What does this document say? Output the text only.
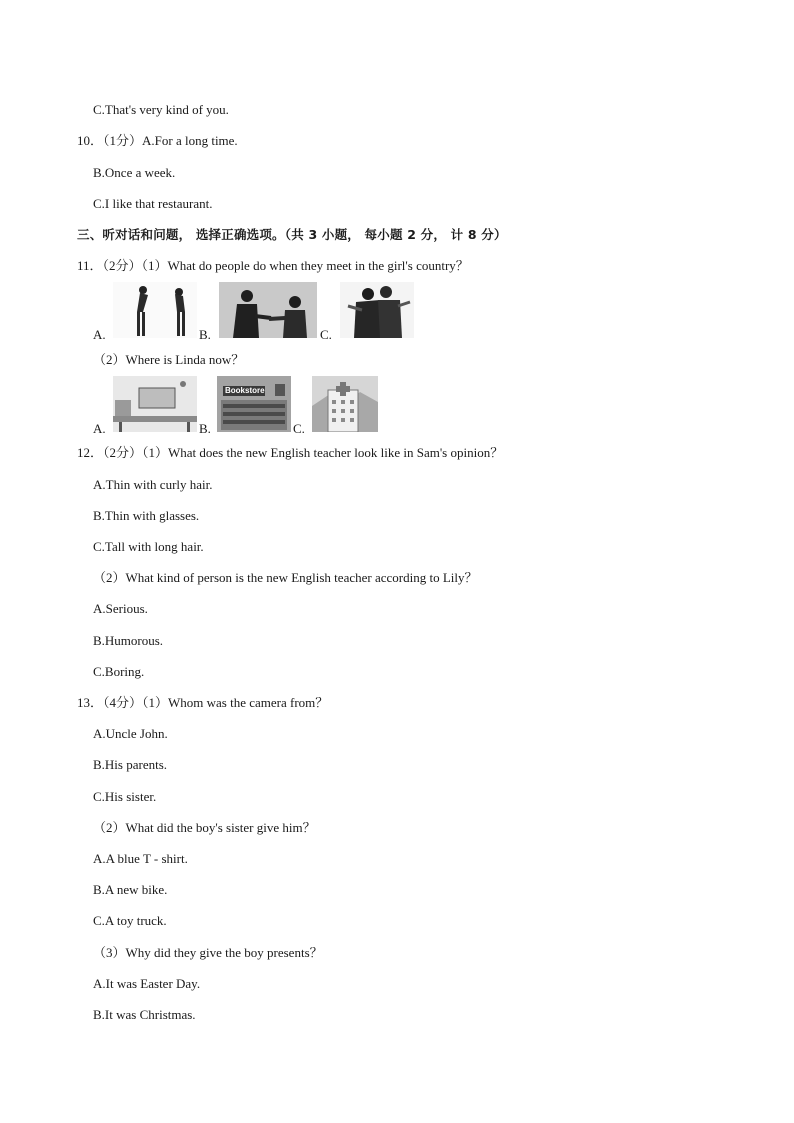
C.That's very kind of you.
10．（1分）A.For a long time.
B.Once a week.
C.I like that restaurant.
三、听对话和问题， 选择正确选项。（共 3 小题， 每小题 2 分， 计 8 分）
11．（2分）（1）What do people do when they meet in the girl's country？
A.	B.	C.
（2）Where is Linda now？
A.	B.
Bookstore
C.
12．（2分）（1）What does the new English teacher look like in Sam's opinion？
A.Thin with curly hair.
B.Thin with glasses.
C.Tall with long hair.
（2）What kind of person is the new English teacher according to Lily？
A.Serious.
B.Humorous.
C.Boring.
13．（4分）（1）Whom was the camera from？
A.Uncle John.
B.His parents.
C.His sister.
（2）What did the boy's sister give him？
A.A blue T - shirt.
B.A new bike.
C.A toy truck.
（3）Why did they give the boy presents？
A.It was Easter Day.
B.It was Christmas.
